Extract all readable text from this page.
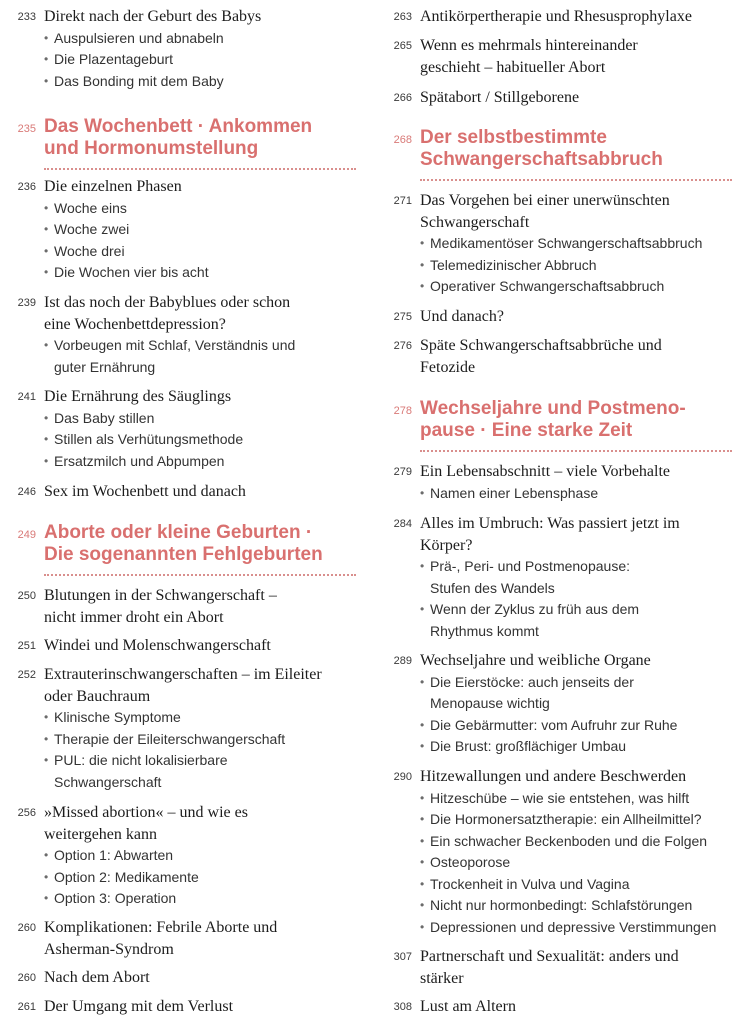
233 Direkt nach der Geburt des Babys
• Auspulsieren und abnabeln
• Die Plazentageburt
• Das Bonding mit dem Baby
235 Das Wochenbett · Ankommen
und Hormonumstellung
236 Die einzelnen Phasen
• Woche eins
• Woche zwei
• Woche drei
• Die Wochen vier bis acht
239 Ist das noch der Babyblues oder schon
eine Wochenbettdepression?
• Vorbeugen mit Schlaf, Verständnis und
guter Ernährung
241 Die Ernährung des Säuglings
• Das Baby stillen
• Stillen als Verhütungsmethode
• Ersatzmilch und Abpumpen
246 Sex im Wochenbett und danach
249 Aborte oder kleine Geburten ·
Die sogenannten Fehlgeburten
250 Blutungen in der Schwangerschaft –
nicht immer droht ein Abort
251 Windei und Molenschwangerschaft
252 Extrauterinschwangerschaften – im Eileiter
oder Bauchraum
• Klinische Symptome
• Therapie der Eileiterschwangerschaft
• PUL: die nicht lokalisierbare
Schwangerschaft
256 »Missed abortion« – und wie es
weitergehen kann
• Option 1: Abwarten
• Option 2: Medikamente
• Option 3: Operation
260 Komplikationen: Febrile Aborte und
Asherman-Syndrom
260 Nach dem Abort
261 Der Umgang mit dem Verlust
263 Antikörpertherapie und Rhesusprophylaxe
265 Wenn es mehrmals hintereinander
geschieht – habitueller Abort
266 Spätabort / Stillgeborene
268 Der selbstbestimmte
Schwangerschaftsabbruch
271 Das Vorgehen bei einer unerwünschten
Schwangerschaft
• Medikamentöser Schwangerschaftsabbruch
• Telemedizinischer Abbruch
• Operativer Schwangerschaftsabbruch
275 Und danach?
276 Späte Schwangerschaftsabbrüche und
Fetozide
278 Wechseljahre und Postmeno-
pause · Eine starke Zeit
279 Ein Lebensabschnitt – viele Vorbehalte
• Namen einer Lebensphase
284 Alles im Umbruch: Was passiert jetzt im
Körper?
• Prä-, Peri- und Postmenopause:
Stufen des Wandels
• Wenn der Zyklus zu früh aus dem
Rhythmus kommt
289 Wechseljahre und weibliche Organe
• Die Eierstöcke: auch jenseits der
Menopause wichtig
• Die Gebärmutter: vom Aufruhr zur Ruhe
• Die Brust: großflächiger Umbau
290 Hitzewallungen und andere Beschwerden
• Hitzeschübe – wie sie entstehen, was hilft
• Die Hormonersatztherapie: ein Allheilmittel?
• Ein schwacher Beckenboden und die Folgen
• Osteoporose
• Trockenheit in Vulva und Vagina
• Nicht nur hormonbedingt: Schlafstörungen
• Depressionen und depressive Verstimmungen
307 Partnerschaft und Sexualität: anders und
stärker
308 Lust am Altern
